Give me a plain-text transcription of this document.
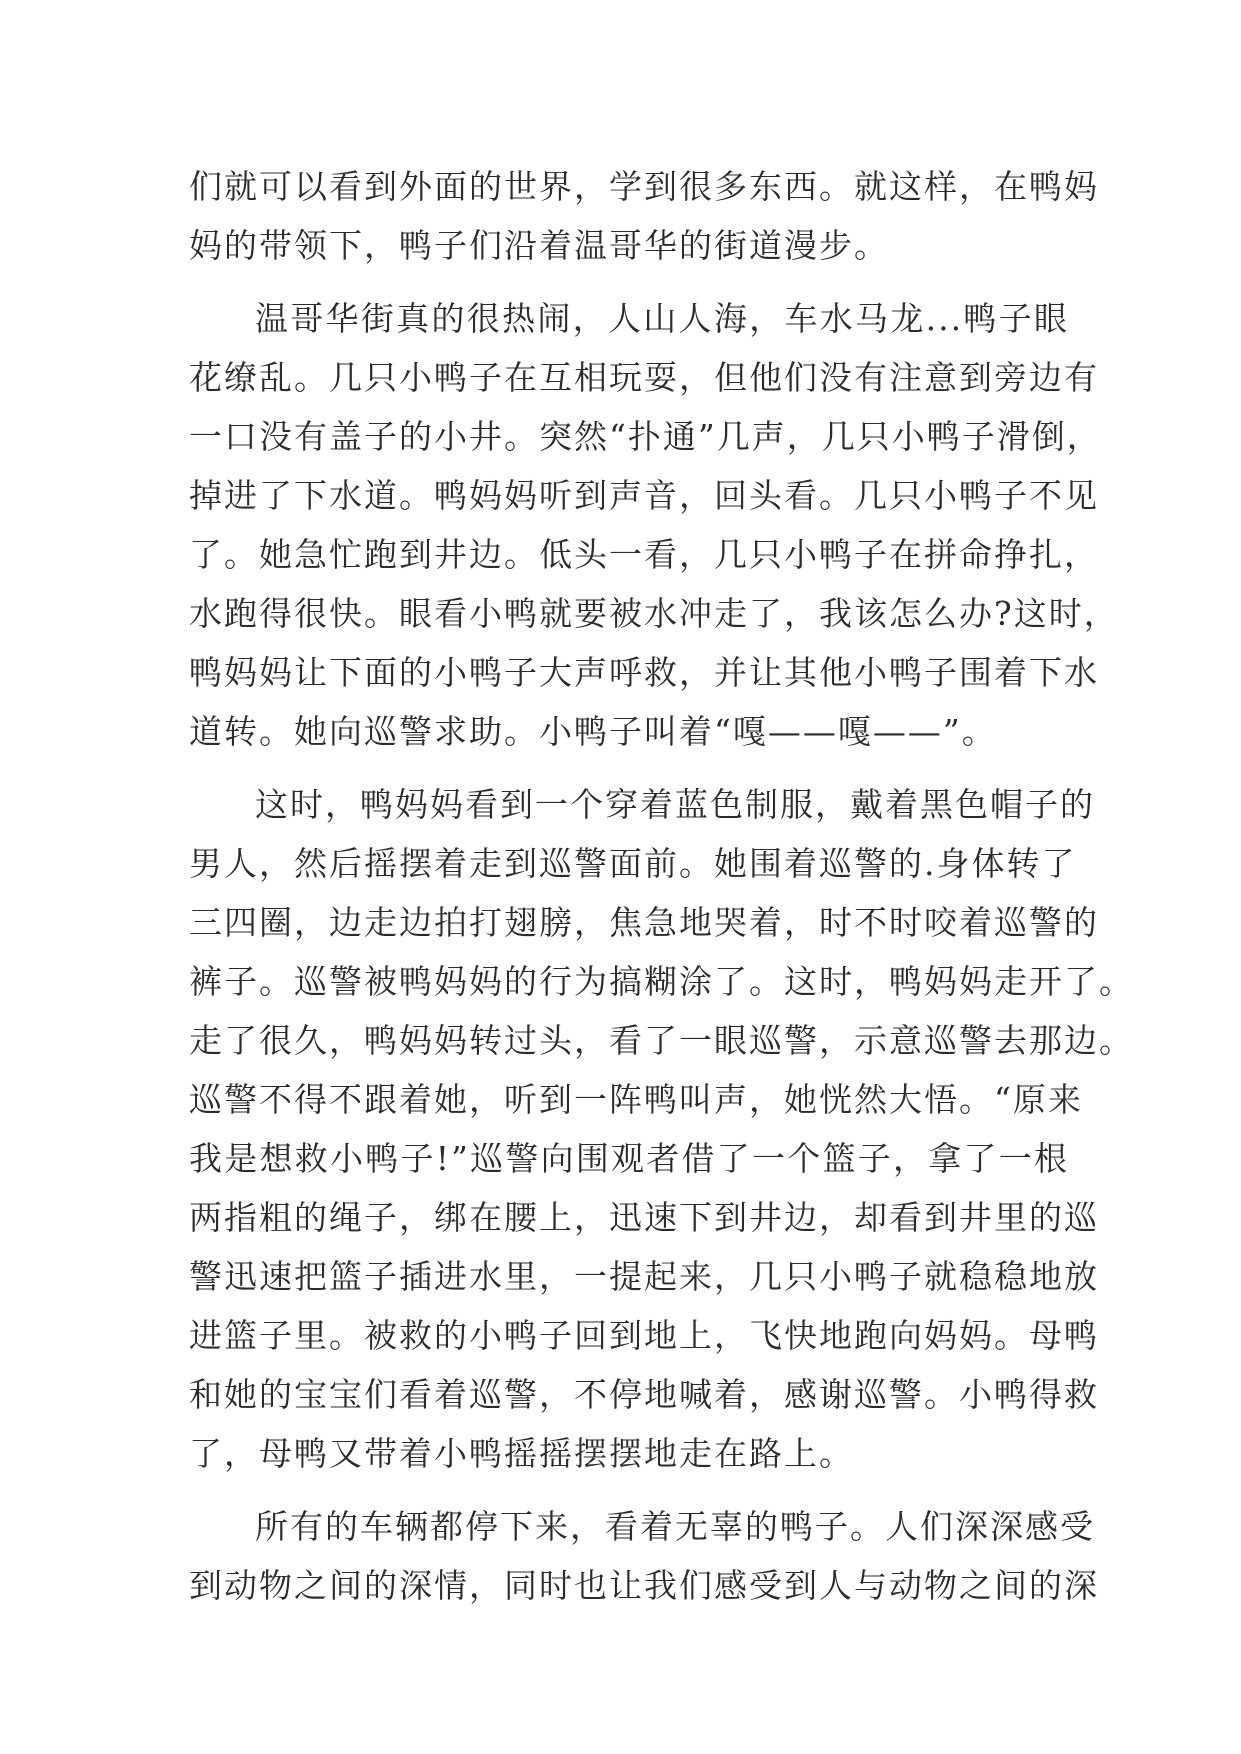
们就可以看到外面的世界，学到很多东西。就这样，在鸭妈
妈的带领下，鸭子们沿着温哥华的街道漫步。
温哥华街真的很热闹，人山人海，车水马龙...鸭子眼
花缭乱。几只小鸭子在互相玩耍，但他们没有注意到旁边有
一口没有盖子的小井。突然“扑通”几声，几只小鸭子滑倒，
掉进了下水道。鸭妈妈听到声音，回头看。几只小鸭子不见
了。她急忙跑到井边。低头一看，几只小鸭子在拼命挣扎，
水跑得很快。眼看小鸭就要被水冲走了，我该怎么办?这时，
鸭妈妈让下面的小鸭子大声呼救，并让其他小鸭子围着下水
道转。她向巡警求助。小鸭子叫着“嘎——嘎——”。
这时，鸭妈妈看到一个穿着蓝色制服，戴着黑色帽子的
男人，然后摇摆着走到巡警面前。她围着巡警的.身体转了
三四圈，边走边拍打翅膀，焦急地哭着，时不时咬着巡警的
裤子。巡警被鸭妈妈的行为搞糊涂了。这时，鸭妈妈走开了。
走了很久，鸭妈妈转过头，看了一眼巡警，示意巡警去那边。
巡警不得不跟着她，听到一阵鸭叫声，她恍然大悟。“原来
我是想救小鸭子!”巡警向围观者借了一个篮子，拿了一根
两指粗的绳子，绑在腰上，迅速下到井边，却看到井里的巡
警迅速把篮子插进水里，一提起来，几只小鸭子就稳稳地放
进篮子里。被救的小鸭子回到地上，飞快地跑向妈妈。母鸭
和她的宝宝们看着巡警，不停地喊着，感谢巡警。小鸭得救
了，母鸭又带着小鸭摇摇摆摆地走在路上。
所有的车辆都停下来，看着无辜的鸭子。人们深深感受
到动物之间的深情，同时也让我们感受到人与动物之间的深
